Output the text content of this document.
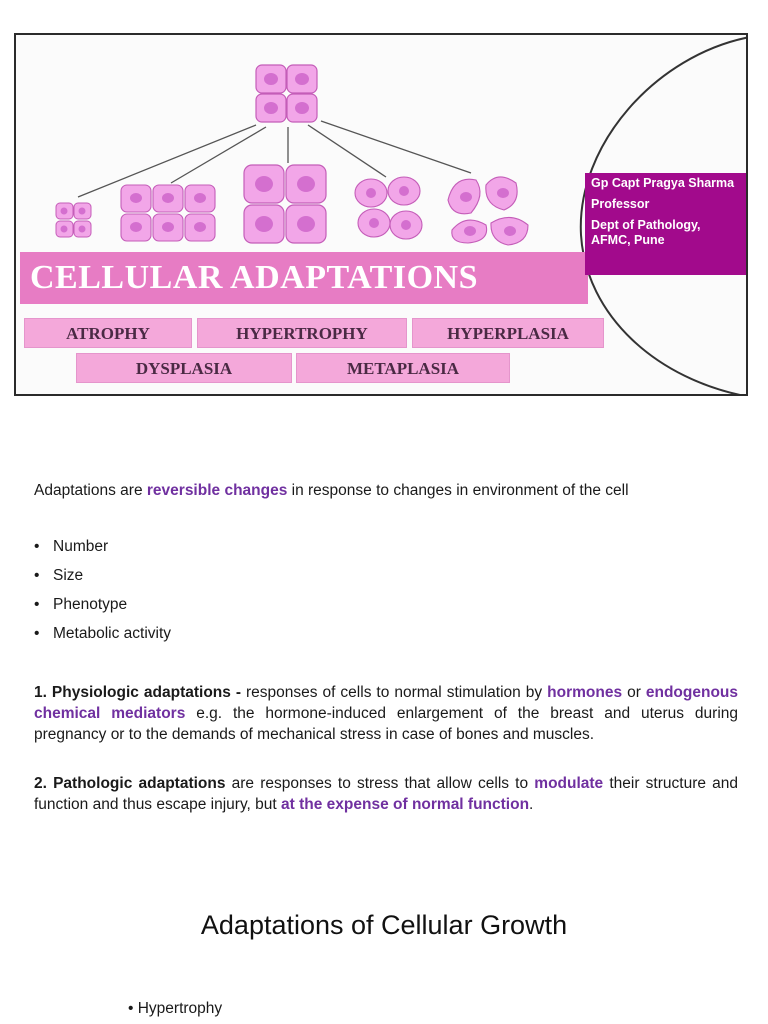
CELLULAR ADAPTATIONS
ATROPHY	HYPERTROPHY	HYPERPLASIA
DYSPLASIA	METAPLASIA
Gp Capt Pragya Sharma
Professor
Dept of Pathology, AFMC, Pune
Adaptations are reversible changes in response to changes in environment of the cell
• Number
• Size
• Phenotype
• Metabolic activity

1. Physiologic adaptations - responses of cells to normal stimulation by hormones or endogenous chemical mediators e.g. the hormone-induced enlargement of the breast and uterus during pregnancy or to the demands of mechanical stress in case of bones and muscles.

2. Pathologic adaptations are responses to stress that allow cells to modulate their structure and function and thus escape injury, but at the expense of normal function.

Adaptations of Cellular Growth
• Hypertrophy
